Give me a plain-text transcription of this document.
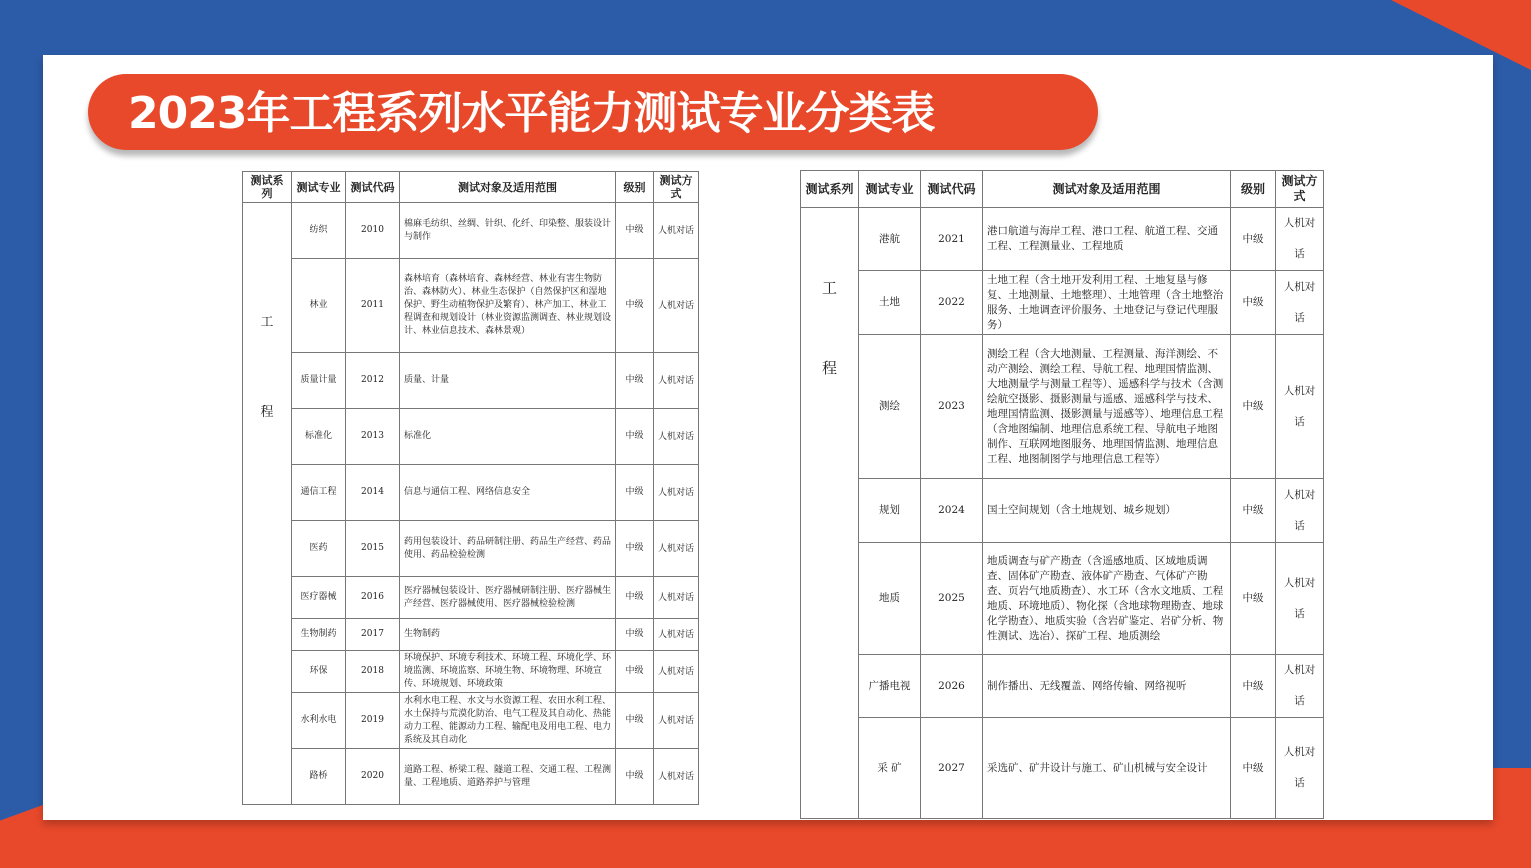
2023年工程系列水平能力测试专业分类表
测试系列	测试专业	测试代码	测试对象及适用范围	级别	测试方式

工
程	纺织	2010	棉麻毛纺织、丝绸、针织、化纤、印染整、服装设计与制作	中级	人机对话
	林业	2011	森林培育（森林培育、森林经营、林业有害生物防治、森林防火）、林业生态保护（自然保护区和湿地保护、野生动植物保护及繁育）、林产加工、林业工程调查和规划设计（林业资源监测调查、林业规划设计、林业信息技术、森林景观）	中级	人机对话
	质量计量	2012	质量、计量	中级	人机对话
	标准化	2013	标准化	中级	人机对话
	通信工程	2014	信息与通信工程、网络信息安全	中级	人机对话
	医药	2015	药用包装设计、药品研制注册、药品生产经营、药品使用、药品检验检测	中级	人机对话
	医疗器械	2016	医疗器械包装设计、医疗器械研制注册、医疗器械生产经营、医疗器械使用、医疗器械检验检测	中级	人机对话
	生物制药	2017	生物制药	中级	人机对话
	环保	2018	环境保护、环境专利技术、环境工程、环境化学、环境监测、环境监察、环境生物、环境物理、环境宣传、环境规划、环境政策	中级	人机对话
	水利水电	2019	水利水电工程、水文与水资源工程、农田水利工程、水土保持与荒漠化防治、电气工程及其自动化、热能动力工程、能源动力工程、输配电及用电工程、电力系统及其自动化	中级	人机对话
	路桥	2020	道路工程、桥梁工程、隧道工程、交通工程、工程测量、工程地质、道路养护与管理	中级	人机对话
测试系列	测试专业	测试代码	测试对象及适用范围	级别	测试方式

工
程	港航	2021	港口航道与海岸工程、港口工程、航道工程、交通工程、工程测量业、工程地质	中级	人机对话
	土地	2022	土地工程（含土地开发利用工程、土地复垦与修复、土地测量、土地整理）、土地管理（含土地整治服务、土地调查评价服务、土地登记与登记代理服务）	中级	人机对话
	测绘	2023	测绘工程（含大地测量、工程测量、海洋测绘、不动产测绘、测绘工程、导航工程、地理国情监测、大地测量学与测量工程等）、遥感科学与技术（含测绘航空摄影、摄影测量与遥感、遥感科学与技术、地理国情监测、摄影测量与遥感等）、地理信息工程（含地图编制、地理信息系统工程、导航电子地图制作、互联网地图服务、地理国情监测、地理信息工程、地图制图学与地理信息工程等）	中级	人机对话
	规划	2024	国土空间规划（含土地规划、城乡规划）	中级	人机对话
	地质	2025	地质调查与矿产勘查（含遥感地质、区域地质调查、固体矿产勘查、液体矿产勘查、气体矿产勘查、页岩气地质勘查）、水工环（含水文地质、工程地质、环境地质）、物化探（含地球物理勘查、地球化学勘查）、地质实验（含岩矿鉴定、岩矿分析、物性测试、选冶）、探矿工程、地质测绘	中级	人机对话
	广播电视	2026	制作播出、无线覆盖、网络传输、网络视听	中级	人机对话
	采 矿	2027	采选矿、矿井设计与施工、矿山机械与安全设计	中级	人机对话
